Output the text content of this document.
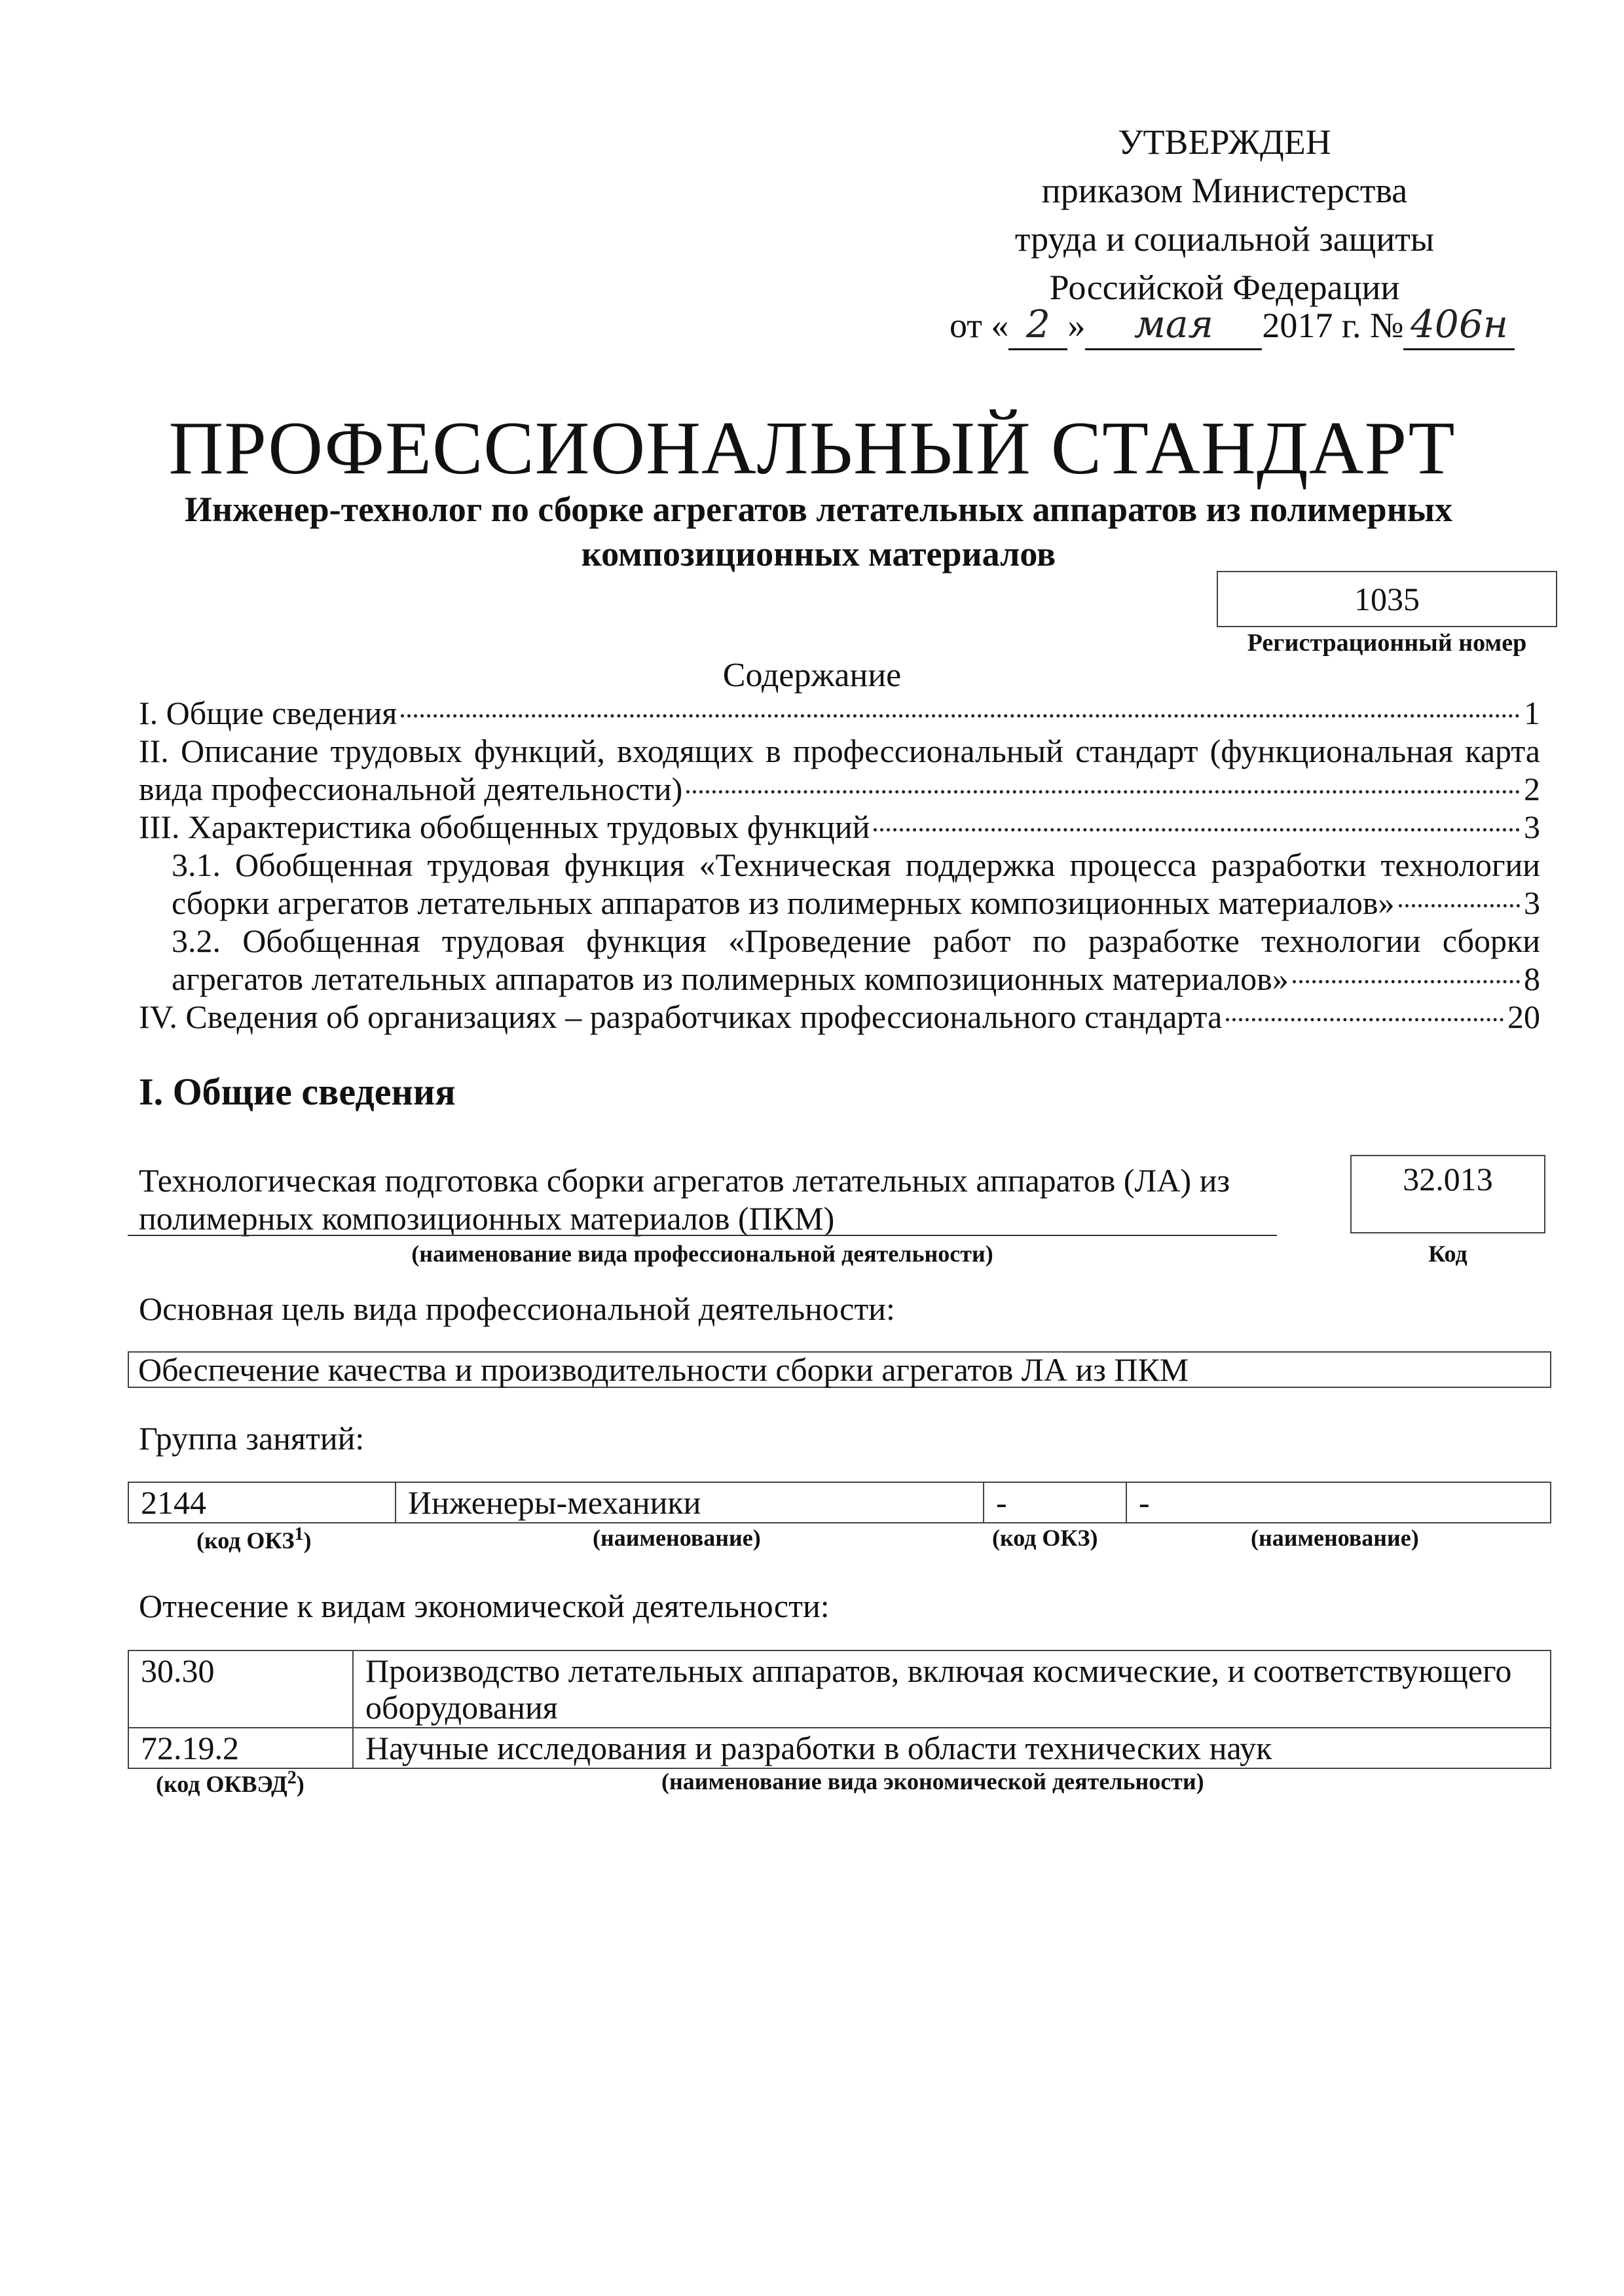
УТВЕРЖДЕН
приказом Министерства
труда и социальной защиты
Российской Федерации
от « 2 » мая 2017 г. № 406н
ПРОФЕССИОНАЛЬНЫЙ СТАНДАРТ
Инженер-технолог по сборке агрегатов летательных аппаратов из полимерных
композиционных материалов
1035
Регистрационный номер
Содержание
I. Общие сведения	1
II. Описание трудовых функций, входящих в профессиональный стандарт (функциональная карта
вида профессиональной деятельности)	2
III. Характеристика обобщенных трудовых функций	3
3.1. Обобщенная трудовая функция «Техническая поддержка процесса разработки технологии
сборки агрегатов летательных аппаратов из полимерных композиционных материалов»	3
3.2. Обобщенная трудовая функция «Проведение работ по разработке технологии сборки
агрегатов летательных аппаратов из полимерных композиционных материалов»	8
IV. Сведения об организациях – разработчиках профессионального стандарта	20
I. Общие сведения
Технологическая подготовка сборки агрегатов летательных аппаратов (ЛА) из
полимерных композиционных материалов (ПКМ)
(наименование вида профессиональной деятельности)
32.013
Код
Основная цель вида профессиональной деятельности:
Обеспечение качества и производительности сборки агрегатов ЛА из ПКМ
Группа занятий:
2144	Инженеры-механики	-	-
(код ОКЗ$^1$)	(наименование)	(код ОКЗ)	(наименование)
Отнесение к видам экономической деятельности:
30.30	Производство летательных аппаратов, включая космические, и соответствующего
оборудования

72.19.2	Научные исследования и разработки в области технических наук
(код ОКВЭД$^2$)	(наименование вида экономической деятельности)
